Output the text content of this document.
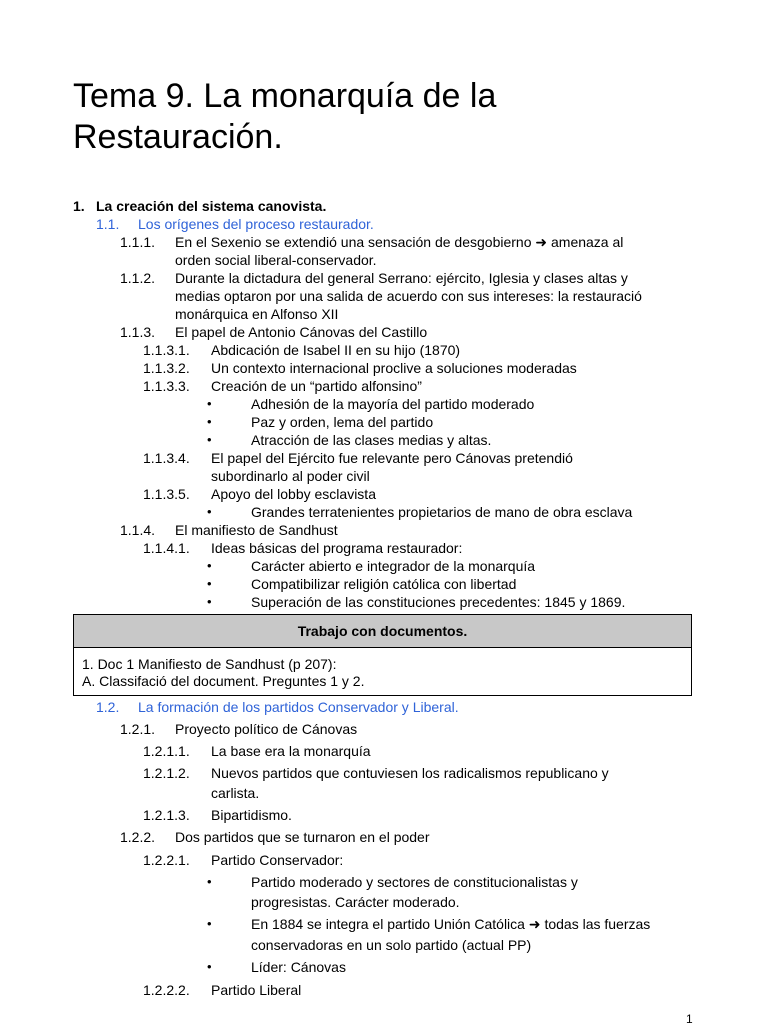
Tema 9. La monarquía de la Restauración.
1. La creación del sistema canovista.
1.1. Los orígenes del proceso restaurador.
1.1.1. En el Sexenio se extendió una sensación de desgobierno ➜ amenaza al
orden social liberal-conservador.
1.1.2. Durante la dictadura del general Serrano: ejército, Iglesia y clases altas y
medias optaron por una salida de acuerdo con sus intereses: la restauració
monárquica en Alfonso XII
1.1.3. El papel de Antonio Cánovas del Castillo
1.1.3.1. Abdicación de Isabel II en su hijo (1870)
1.1.3.2. Un contexto internacional proclive a soluciones moderadas
1.1.3.3. Creación de un “partido alfonsino”
•	Adhesión de la mayoría del partido moderado
•	Paz y orden, lema del partido
•	Atracción de las clases medias y altas.
1.1.3.4. El papel del Ejército fue relevante pero Cánovas pretendió
subordinarlo al poder civil
1.1.3.5. Apoyo del lobby esclavista
•	Grandes terratenientes propietarios de mano de obra esclava
1.1.4. El manifiesto de Sandhust
1.1.4.1. Ideas básicas del programa restaurador:
•	Carácter abierto e integrador de la monarquía
•	Compatibilizar religión católica con libertad
•	Superación de las constituciones precedentes: 1845 y 1869.
Trabajo con documentos.
1. Doc 1 Manifiesto de Sandhust (p 207):
A. Classifació del document. Preguntes 1 y 2.
1.2. La formación de los partidos Conservador y Liberal.
1.2.1. Proyecto político de Cánovas
1.2.1.1. La base era la monarquía
1.2.1.2. Nuevos partidos que contuviesen los radicalismos republicano y
carlista.
1.2.1.3. Bipartidismo.
1.2.2. Dos partidos que se turnaron en el poder
1.2.2.1. Partido Conservador:
•	Partido moderado y sectores de constitucionalistas y
progresistas. Carácter moderado.
•	En 1884 se integra el partido Unión Católica ➜ todas las fuerzas
conservadoras en un solo partido (actual PP)
•	Líder: Cánovas
1.2.2.2. Partido Liberal
1
